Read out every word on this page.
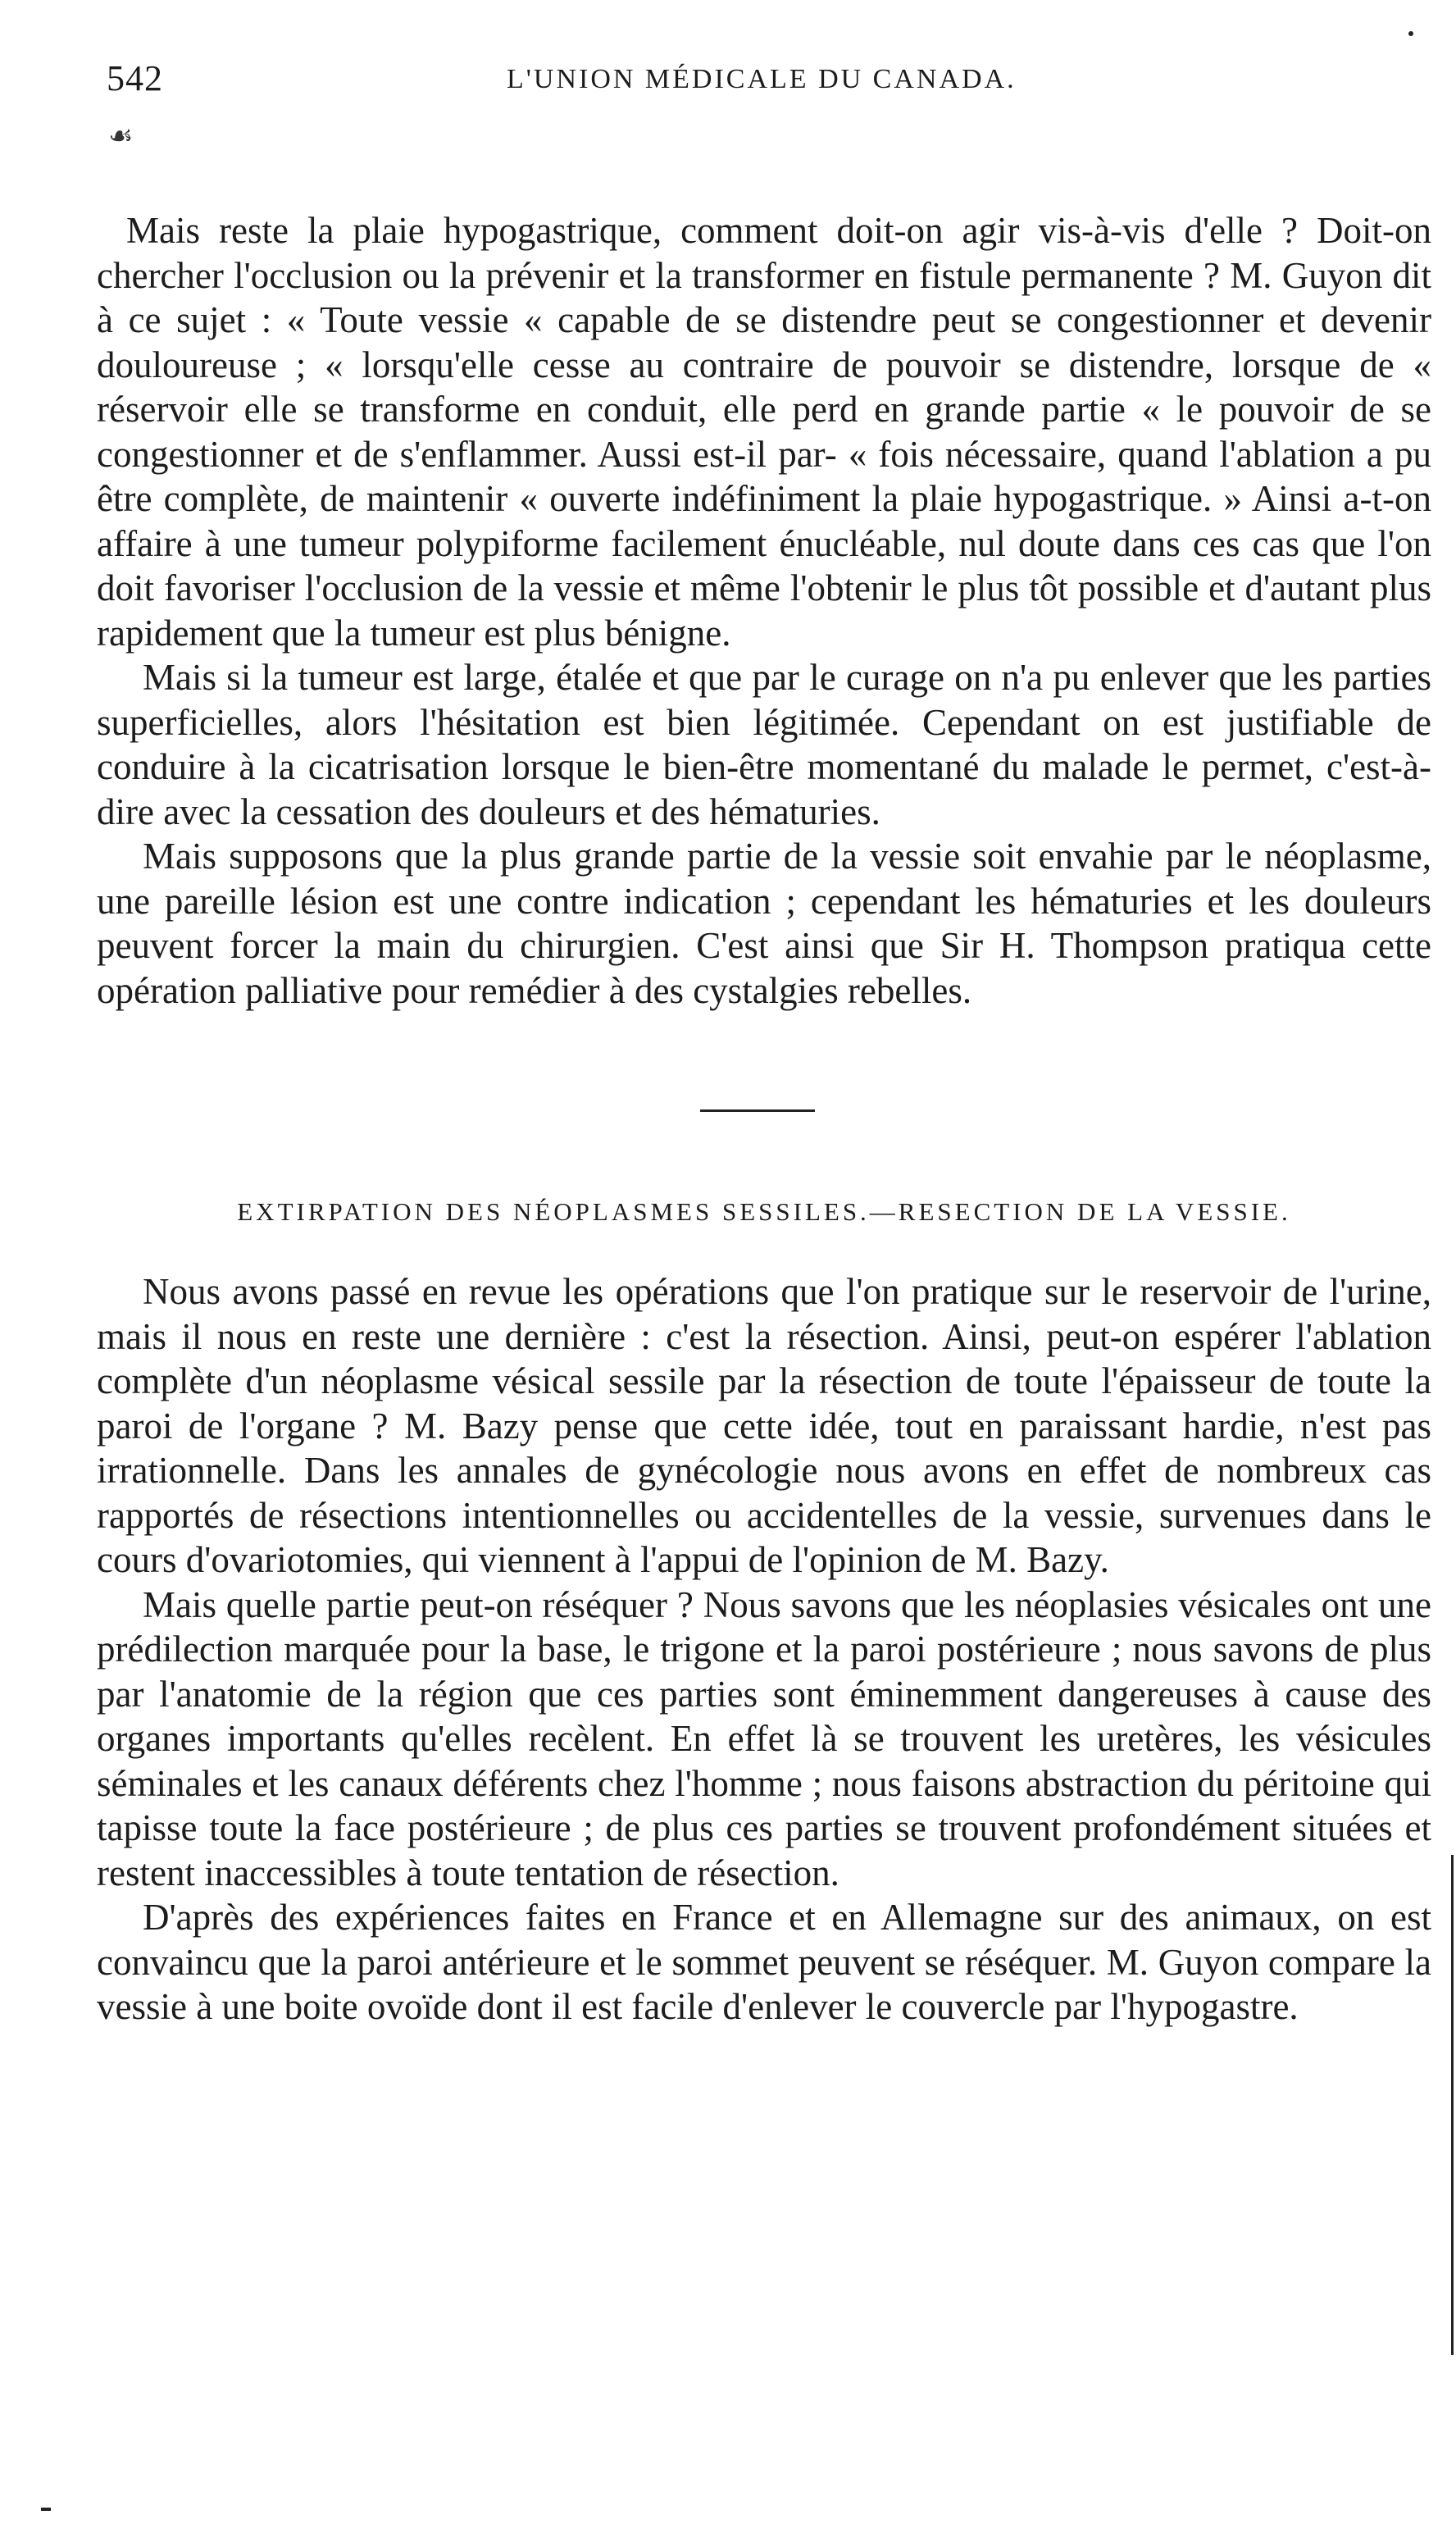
542	L'UNION MÉDICALE DU CANADA.
☙

Mais reste la plaie hypogastrique, comment doit-on agir vis-à-vis d'elle ? Doit-on chercher l'occlusion ou la prévenir et la transformer en fistule permanente ? M. Guyon dit à ce sujet : « Toute vessie « capable de se distendre peut se congestionner et devenir douloureuse ; « lorsqu'elle cesse au contraire de pouvoir se distendre, lorsque de « réservoir elle se transforme en conduit, elle perd en grande partie « le pouvoir de se congestionner et de s'enflammer. Aussi est-il par- « fois nécessaire, quand l'ablation a pu être complète, de maintenir « ouverte indéfiniment la plaie hypogastrique. » Ainsi a-t-on affaire à une tumeur polypiforme facilement énucléable, nul doute dans ces cas que l'on doit favoriser l'occlusion de la vessie et même l'obtenir le plus tôt possible et d'autant plus rapidement que la tumeur est plus bénigne.

Mais si la tumeur est large, étalée et que par le curage on n'a pu enlever que les parties superficielles, alors l'hésitation est bien légitimée. Cependant on est justifiable de conduire à la cicatrisation lorsque le bien-être momentané du malade le permet, c'est-à-dire avec la cessation des douleurs et des hématuries.

Mais supposons que la plus grande partie de la vessie soit envahie par le néoplasme, une pareille lésion est une contre indication ; cependant les hématuries et les douleurs peuvent forcer la main du chirurgien. C'est ainsi que Sir H. Thompson pratiqua cette opération palliative pour remédier à des cystalgies rebelles.

EXTIRPATION DES NÉOPLASMES SESSILES.—RESECTION DE LA VESSIE.

Nous avons passé en revue les opérations que l'on pratique sur le reservoir de l'urine, mais il nous en reste une dernière : c'est la résection. Ainsi, peut-on espérer l'ablation complète d'un néoplasme vésical sessile par la résection de toute l'épaisseur de toute la paroi de l'organe ? M. Bazy pense que cette idée, tout en paraissant hardie, n'est pas irrationnelle. Dans les annales de gynécologie nous avons en effet de nombreux cas rapportés de résections intentionnelles ou accidentelles de la vessie, survenues dans le cours d'ovariotomies, qui viennent à l'appui de l'opinion de M. Bazy.

Mais quelle partie peut-on réséquer ? Nous savons que les néoplasies vésicales ont une prédilection marquée pour la base, le trigone et la paroi postérieure ; nous savons de plus par l'anatomie de la région que ces parties sont éminemment dangereuses à cause des organes importants qu'elles recèlent. En effet là se trouvent les uretères, les vésicules séminales et les canaux déférents chez l'homme ; nous faisons abstraction du péritoine qui tapisse toute la face postérieure ; de plus ces parties se trouvent profondément situées et restent inaccessibles à toute tentation de résection.

D'après des expériences faites en France et en Allemagne sur des animaux, on est convaincu que la paroi antérieure et le sommet peuvent se réséquer. M. Guyon compare la vessie à une boite ovoïde dont il est facile d'enlever le couvercle par l'hypogastre.
